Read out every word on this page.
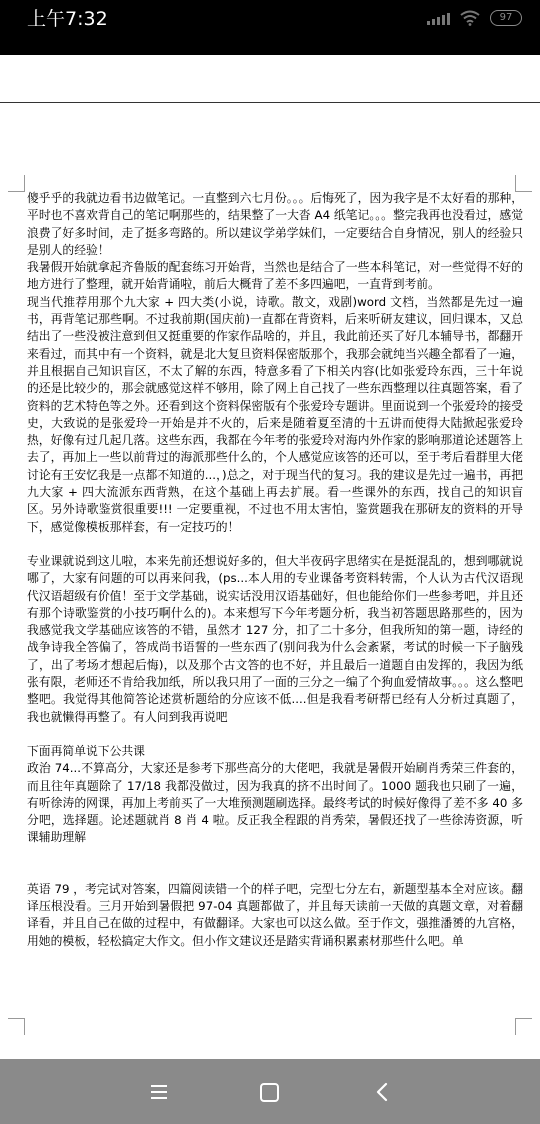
上午7:32	97

傻乎乎的我就边看书边做笔记。一直整到六七月份。。。后悔死了，因为我字是不太好看的那种，平时也不喜欢背自己的笔记啊那些的，结果整了一大沓 A4 纸笔记。。。整完我再也没看过，感觉浪费了好多时间，走了挺多弯路的。所以建议学弟学妹们，一定要结合自身情况，别人的经验只是别人的经验！

我暑假开始就拿起齐鲁版的配套练习开始背，当然也是结合了一些本科笔记，对一些觉得不好的地方进行了整理，就开始背诵啦，前后大概背了差不多四遍吧，一直背到考前。

现当代推荐用那个九大家 + 四大类(小说，诗歌。散文，戏剧)word 文档，当然都是先过一遍书，再背笔记那些啊。不过我前期(国庆前)一直都在背资料，后来听研友建议，回归课本，又总结出了一些没被注意到但又挺重要的作家作品啥的，并且，我此前还买了好几本辅导书，都翻开来看过，而其中有一个资料，就是北大复旦资料保密版那个，我那会就纯当兴趣全都看了一遍，并且根据自己知识盲区，不太了解的东西，特意多看了下相关内容(比如张爱玲东西，三十年说的还是比较少的，那会就感觉这样不够用，除了网上自己找了一些东西整理以往真题答案，看了资料的艺术特色等之外。还看到这个资料保密版有个张爱玲专题讲。里面说到一个张爱玲的接受史，大致说的是张爱玲一开始是并不火的，后来是随着夏至清的十五讲而使得大陆掀起张爱玲热，好像有过几起几落。这些东西，我都在今年考的张爱玲对海内外作家的影响那道论述题答上去了，再加上一些以前背过的海派那些什么的，个人感觉应该答的还可以，至于考后看群里大佬讨论有王安忆我是一点都不知道的...，)总之，对于现当代的复习。我的建议是先过一遍书，再把九大家 + 四大流派东西背熟，在这个基础上再去扩展。看一些课外的东西，找自己的知识盲区。另外诗歌鉴赏很重要!!! 一定要重视，不过也不用太害怕，鉴赏题我在那研友的资料的开导下，感觉像模板那样套，有一定技巧的！

专业课就说到这儿啦，本来先前还想说好多的，但大半夜码字思绪实在是挺混乱的，想到哪就说哪了，大家有问题的可以再来问我，(ps...本人用的专业课备考资料转需，个人认为古代汉语现代汉语超级有价值！至于文学基础，说实话没用汉语基础好，但也能给你们一些参考吧，并且还有那个诗歌鉴赏的小技巧啊什么的)。本来想写下今年考题分析，我当初答题思路那些的，因为我感觉我文学基础应该答的不错，虽然才 127 分，扣了二十多分，但我所知的第一题，诗经的战争诗我全答偏了，答成尚书语誓的一些东西了(别问我为什么会紊紧，考试的时候一下子脑残了，出了考场才想起后悔)，以及那个古文答的也不好，并且最后一道题自由发挥的，我因为纸张有限，老师还不肯给我加纸，所以我只用了一面的三分之一编了个狗血爱情故事。。。这么整吧整吧。我觉得其他简答论述赏析题给的分应该不低....但是我看考研帮已经有人分析过真题了，我也就懒得再整了。有人问到我再说吧

下面再简单说下公共课

政治 74...不算高分，大家还是参考下那些高分的大佬吧，我就是暑假开始刷肖秀荣三件套的，而且往年真题除了 17/18 我都没做过，因为我真的挤不出时间了。1000 题我也只刷了一遍，有听徐涛的网课，再加上考前买了一大堆预测题刷选择。最终考试的时候好像得了差不多 40 多分吧，选择题。论述题就肖 8 肖 4 啦。反正我全程跟的肖秀荣，暑假还找了一些徐涛资源，听课辅助理解

英语 79 ，考完试对答案，四篇阅读错一个的样子吧，完型七分左右，新题型基本全对应该。翻译压根没看。三月开始到暑假把 97-04 真题都做了，并且每天读前一天做的真题文章，对着翻译看，并且自己在做的过程中，有做翻译。大家也可以这么做。至于作文，强推潘赟的九宫格，用她的模板，轻松搞定大作文。但小作文建议还是踏实背诵积累素材那些什么吧。单
